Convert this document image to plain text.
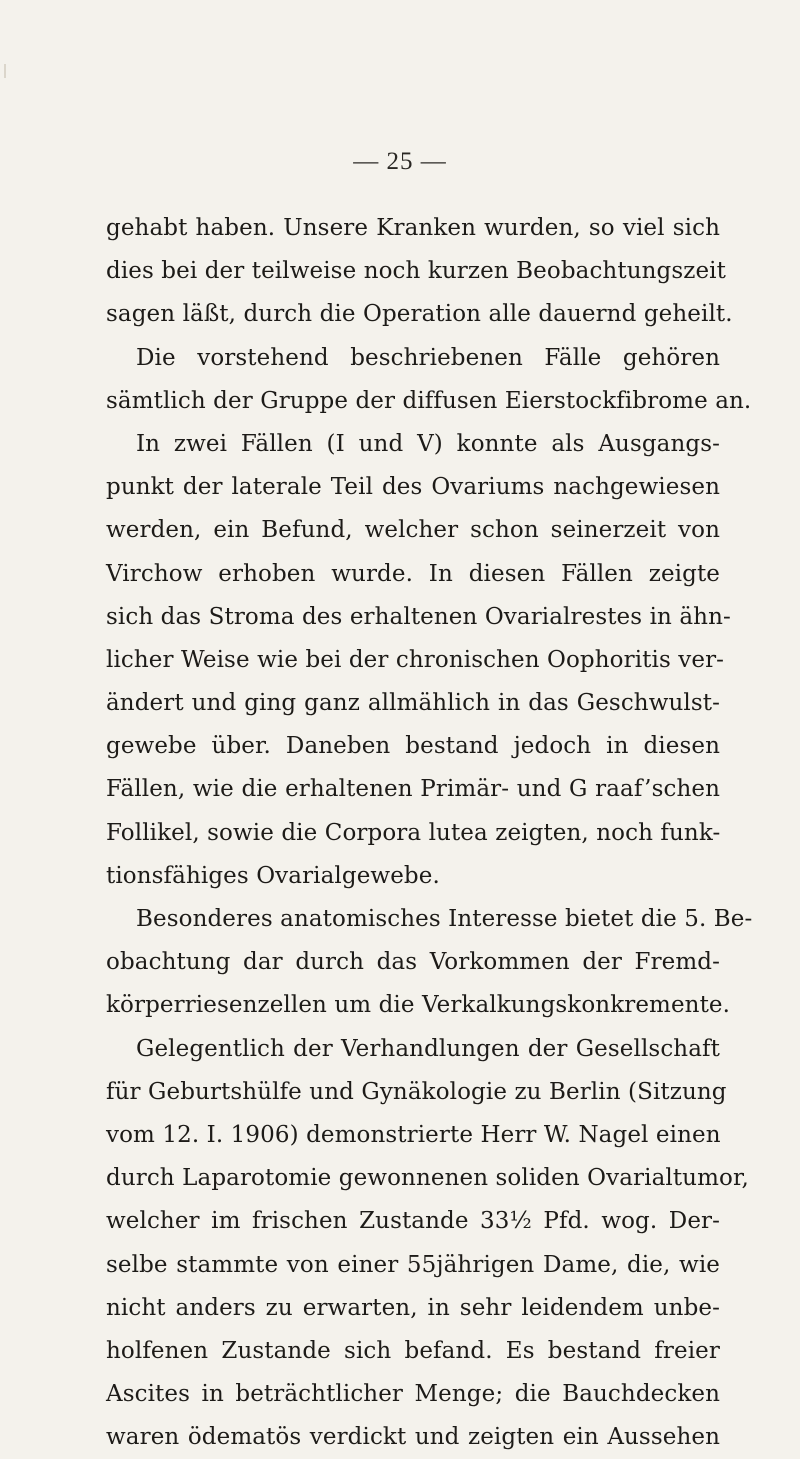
— 25 —
gehabt haben. Unsere Kranken wurden, so viel sich
dies bei der teilweise noch kurzen Beobachtungszeit
sagen läßt, durch die Operation alle dauernd geheilt.
Die vorstehend beschriebenen Fälle gehören
sämtlich der Gruppe der diffusen Eierstockfibrome an.
In zwei Fällen (I und V) konnte als Ausgangs-
punkt der laterale Teil des Ovariums nachgewiesen
werden, ein Befund, welcher schon seinerzeit von
Virchow erhoben wurde. In diesen Fällen zeigte
sich das Stroma des erhaltenen Ovarialrestes in ähn-
licher Weise wie bei der chronischen Oophoritis ver-
ändert und ging ganz allmählich in das Geschwulst-
gewebe über. Daneben bestand jedoch in diesen
Fällen, wie die erhaltenen Primär- und G raaf’schen
Follikel, sowie die Corpora lutea zeigten, noch funk-
tionsfähiges Ovarialgewebe.
Besonderes anatomisches Interesse bietet die 5. Be-
obachtung dar durch das Vorkommen der Fremd-
körperriesenzellen um die Verkalkungskonkremente.
Gelegentlich der Verhandlungen der Gesellschaft
für Geburtshülfe und Gynäkologie zu Berlin (Sitzung
vom 12. I. 1906) demonstrierte Herr W. Nagel einen
durch Laparotomie gewonnenen soliden Ovarialtumor,
welcher im frischen Zustande 33½ Pfd. wog. Der-
selbe stammte von einer 55jährigen Dame, die, wie
nicht anders zu erwarten, in sehr leidendem unbe-
holfenen Zustande sich befand. Es bestand freier
Ascites in beträchtlicher Menge; die Bauchdecken
waren ödematös verdickt und zeigten ein Aussehen
